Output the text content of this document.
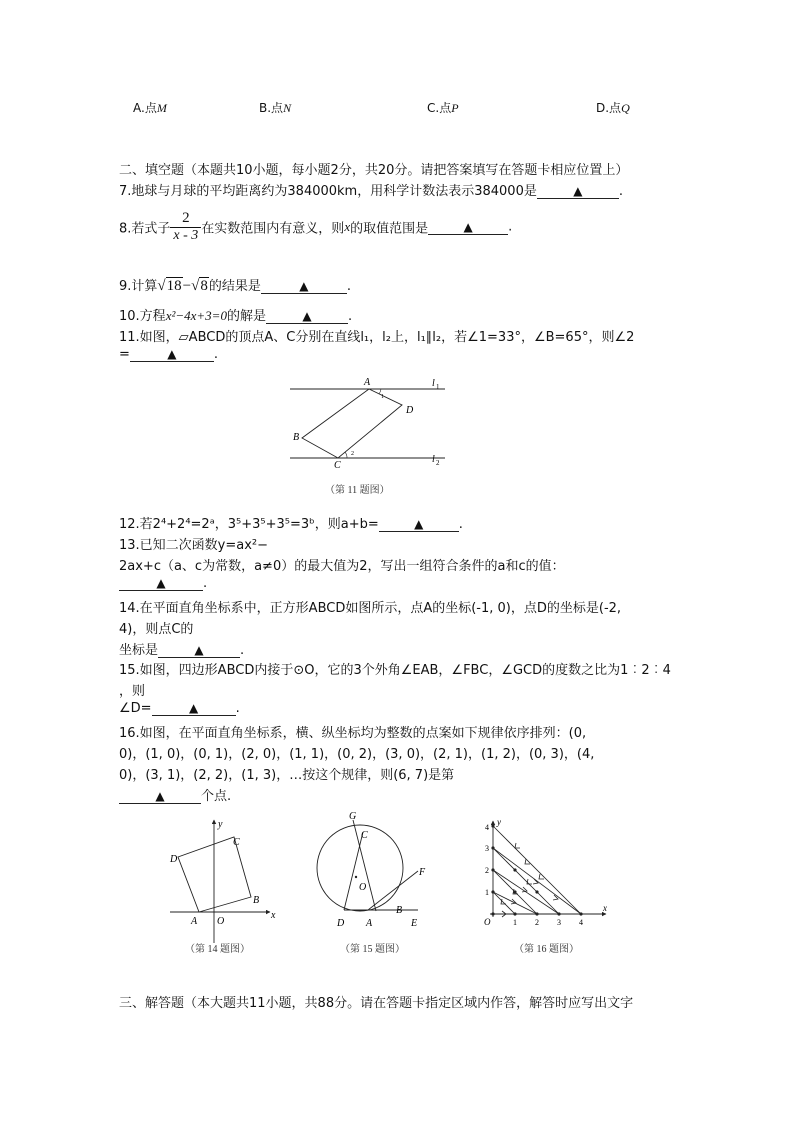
A.点M	B.点N	C.点P	D.点Q
二、填空题（本题共10小题，每小题2分，共20分。请把答案填写在答题卡相应位置上）
7.地球与月球的平均距离约为384000km，用科学计数法表示384000是	▲	.
8.若式子 $\frac{2}{x - 3}$ 在实数范围内有意义，则x的取值范围是	▲	.
9.计算√18−√8的结果是	▲	.
10.方程x²−4x+3=0的解是	▲	.
11.如图，▱ABCD的顶点A、C分别在直线l₁，l₂上，l₁∥l₂，若∠1=33°，∠B=65°，则∠2
=	▲	.
A
D
B
C
1
2
l 1
l 2
（第 11 题图）
12.若2⁴+2⁴=2ᵃ，3⁵+3⁵+3⁵=3ᵇ，则a+b=	▲	.
13.已知二次函数y=ax²−
2ax+c（a、c为常数，a≠0）的最大值为2，写出一组符合条件的a和c的值：
▲	.
14.在平面直角坐标系中，正方形ABCD如图所示，点A的坐标(-1, 0)，点D的坐标是(-2,
4)，则点C的
坐标是	▲	.
15.如图，四边形ABCD内接于⊙O，它的3个外角∠EAB，∠FBC，∠GCD的度数之比为1︰2︰4
，则
∠D=	▲	.
16.如图，在平面直角坐标系，横、纵坐标均为整数的点案如下规律依序排列：(0,
0)，(1, 0)，(0, 1)，(2, 0)，(1, 1)，(0, 2)，(3, 0)，(2, 1)，(1, 2)，(0, 3)，(4,
0)，(3, 1)，(2, 2)，(1, 3)，…按这个规律，则(6, 7)是第
▲	个点.
y
x
A O
B
C
D
（第 14 题图）
G
C
O
F
B
D A	E
（第 15 题图）
y
x
O	1 2 3 4
1
2
3
4
（第 16 题图）
三、解答题（本大题共11小题，共88分。请在答题卡指定区域内作答，解答时应写出文字
